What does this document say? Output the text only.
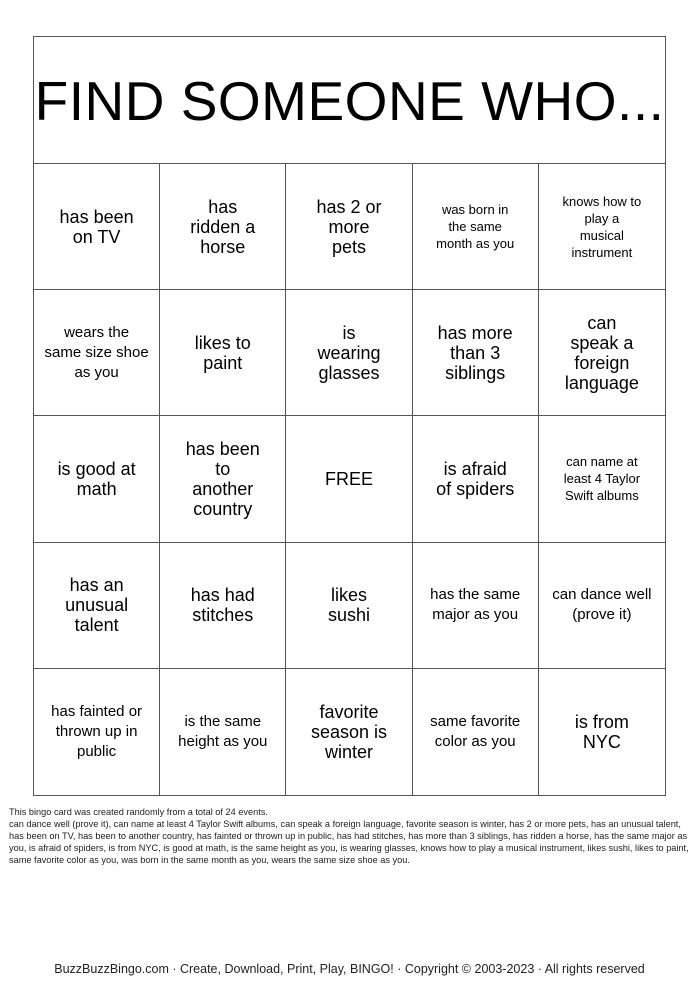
FIND SOMEONE WHO...
has been on TV
has ridden a horse
has 2 or more pets
was born in the same month as you
knows how to play a musical instrument
wears the same size shoe as you
likes to paint
is wearing glasses
has more than 3 siblings
can speak a foreign language
is good at math
has been to another country
FREE	is afraid of spiders
can name at least 4 Taylor Swift albums
has an unusual talent
has had stitches
likes sushi
has the same major as you
can dance well (prove it)
has fainted or thrown up in public
is the same height as you
favorite season is winter
same favorite color as you
is from NYC

This bingo card was created randomly from a total of 24 events.

can dance well (prove it), can name at least 4 Taylor Swift albums, can speak a foreign language, favorite season is winter, has 2 or more pets, has an unusual talent, has been on TV, has been to another country, has fainted or thrown up in public, has had stitches, has more than 3 siblings, has ridden a horse, has the same major as you, is afraid of spiders, is from NYC, is good at math, is the same height as you, is wearing glasses, knows how to play a musical instrument, likes sushi, likes to paint, same favorite color as you, was born in the same month as you, wears the same size shoe as you.

BuzzBuzzBingo.com · Create, Download, Print, Play, BINGO! · Copyright © 2003-2023 · All rights reserved
